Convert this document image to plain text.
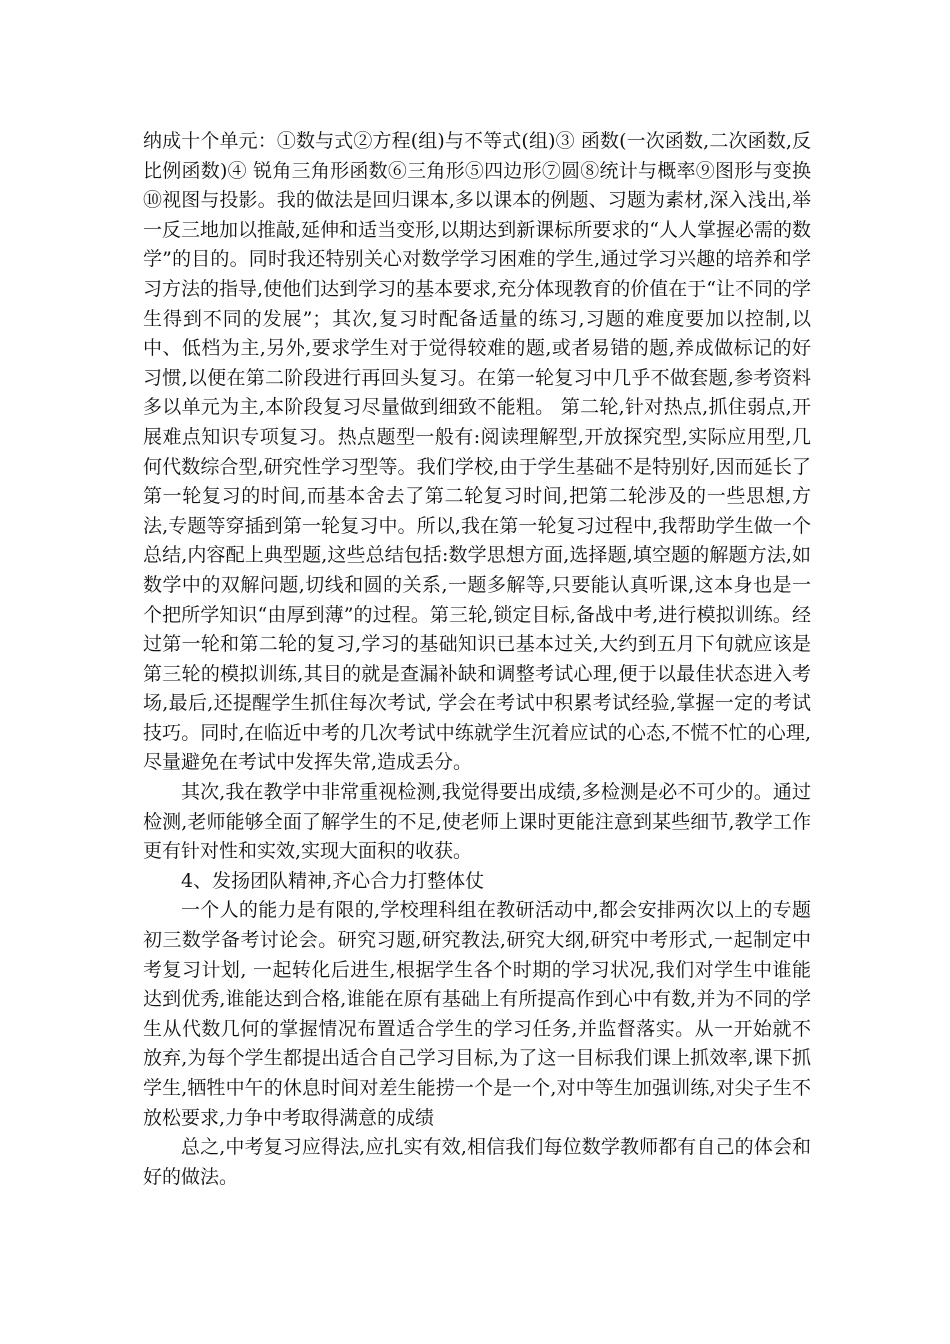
纳成十个单元：①数与式②方程(组)与不等式(组)③ 函数(一次函数,二次函数,反比例函数)④ 锐角三角形函数⑥三角形⑤四边形⑦圆⑧统计与概率⑨图形与变换⑩视图与投影。我的做法是回归课本,多以课本的例题、习题为素材,深入浅出,举一反三地加以推敲,延伸和适当变形,以期达到新课标所要求的“人人掌握必需的数学”的目的。同时我还特别关心对数学学习困难的学生,通过学习兴趣的培养和学习方法的指导,使他们达到学习的基本要求,充分体现教育的价值在于“让不同的学生得到不同的发展”；其次,复习时配备适量的练习,习题的难度要加以控制,以中、低档为主,另外,要求学生对于觉得较难的题,或者易错的题,养成做标记的好习惯,以便在第二阶段进行再回头复习。在第一轮复习中几乎不做套题,参考资料多以单元为主,本阶段复习尽量做到细致不能粗。 第二轮,针对热点,抓住弱点,开展难点知识专项复习。热点题型一般有:阅读理解型,开放探究型,实际应用型,几何代数综合型,研究性学习型等。我们学校,由于学生基础不是特别好,因而延长了第一轮复习的时间,而基本舍去了第二轮复习时间,把第二轮涉及的一些思想,方法,专题等穿插到第一轮复习中。所以,我在第一轮复习过程中,我帮助学生做一个总结,内容配上典型题,这些总结包括:数学思想方面,选择题,填空题的解题方法,如数学中的双解问题,切线和圆的关系,一题多解等,只要能认真听课,这本身也是一个把所学知识“由厚到薄”的过程。第三轮,锁定目标,备战中考,进行模拟训练。经过第一轮和第二轮的复习,学习的基础知识已基本过关,大约到五月下旬就应该是第三轮的模拟训练,其目的就是查漏补缺和调整考试心理,便于以最佳状态进入考场,最后,还提醒学生抓住每次考试, 学会在考试中积累考试经验,掌握一定的考试技巧。同时,在临近中考的几次考试中练就学生沉着应试的心态,不慌不忙的心理,尽量避免在考试中发挥失常,造成丢分。

其次,我在教学中非常重视检测,我觉得要出成绩,多检测是必不可少的。通过检测,老师能够全面了解学生的不足,使老师上课时更能注意到某些细节,教学工作更有针对性和实效,实现大面积的收获。

4、发扬团队精神,齐心合力打整体仗

一个人的能力是有限的,学校理科组在教研活动中,都会安排两次以上的专题初三数学备考讨论会。研究习题,研究教法,研究大纲,研究中考形式,一起制定中考复习计划, 一起转化后进生,根据学生各个时期的学习状况,我们对学生中谁能达到优秀,谁能达到合格,谁能在原有基础上有所提高作到心中有数,并为不同的学生从代数几何的掌握情况布置适合学生的学习任务,并监督落实。从一开始就不放弃,为每个学生都提出适合自己学习目标,为了这一目标我们课上抓效率,课下抓学生,牺牲中午的休息时间对差生能捞一个是一个,对中等生加强训练,对尖子生不放松要求,力争中考取得满意的成绩

总之,中考复习应得法,应扎实有效,相信我们每位数学教师都有自己的体会和好的做法。
